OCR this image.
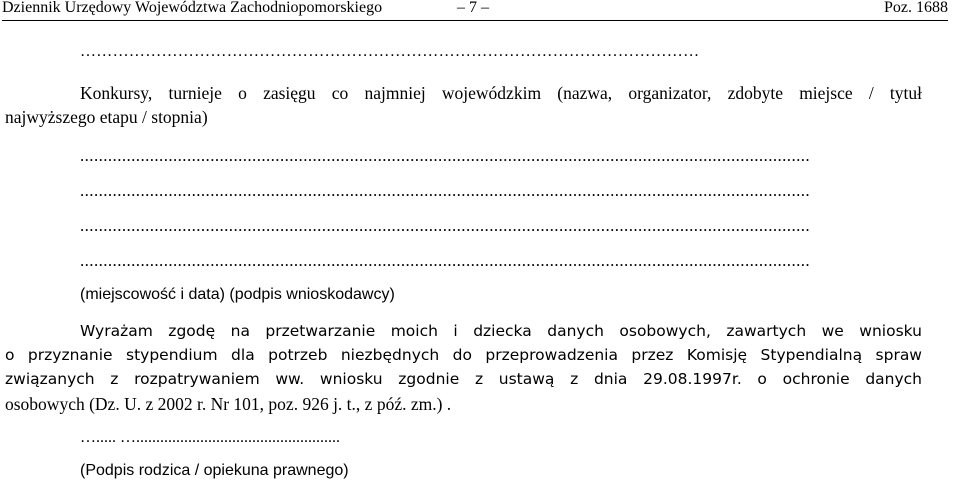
Dziennik Urzędowy Województwa Zachodniopomorskiego	– 7 –	Poz. 1688
……………………………………………………………………………………………………
Konkursy, turnieje o zasięgu co najmniej wojewódzkim (nazwa, organizator, zdobyte miejsce / tytuł
najwyższego etapu / stopnia)
.............................................................................................................................................................
.............................................................................................................................................................
.............................................................................................................................................................
.............................................................................................................................................................
(miejscowość i data) (podpis wnioskodawcy)
Wyrażam zgodę na przetwarzanie moich i dziecka danych osobowych, zawartych we wniosku
o przyznanie stypendium dla potrzeb niezbędnych do przeprowadzenia przez Komisję Stypendialną spraw
związanych z rozpatrywaniem ww. wniosku zgodnie z ustawą z dnia 29.08.1997r. o ochronie danych
osobowych (Dz. U. z 2002 r. Nr 101, poz. 926 j. t., z póź. zm.) .
…..... …...................................................
(Podpis rodzica / opiekuna prawnego)
